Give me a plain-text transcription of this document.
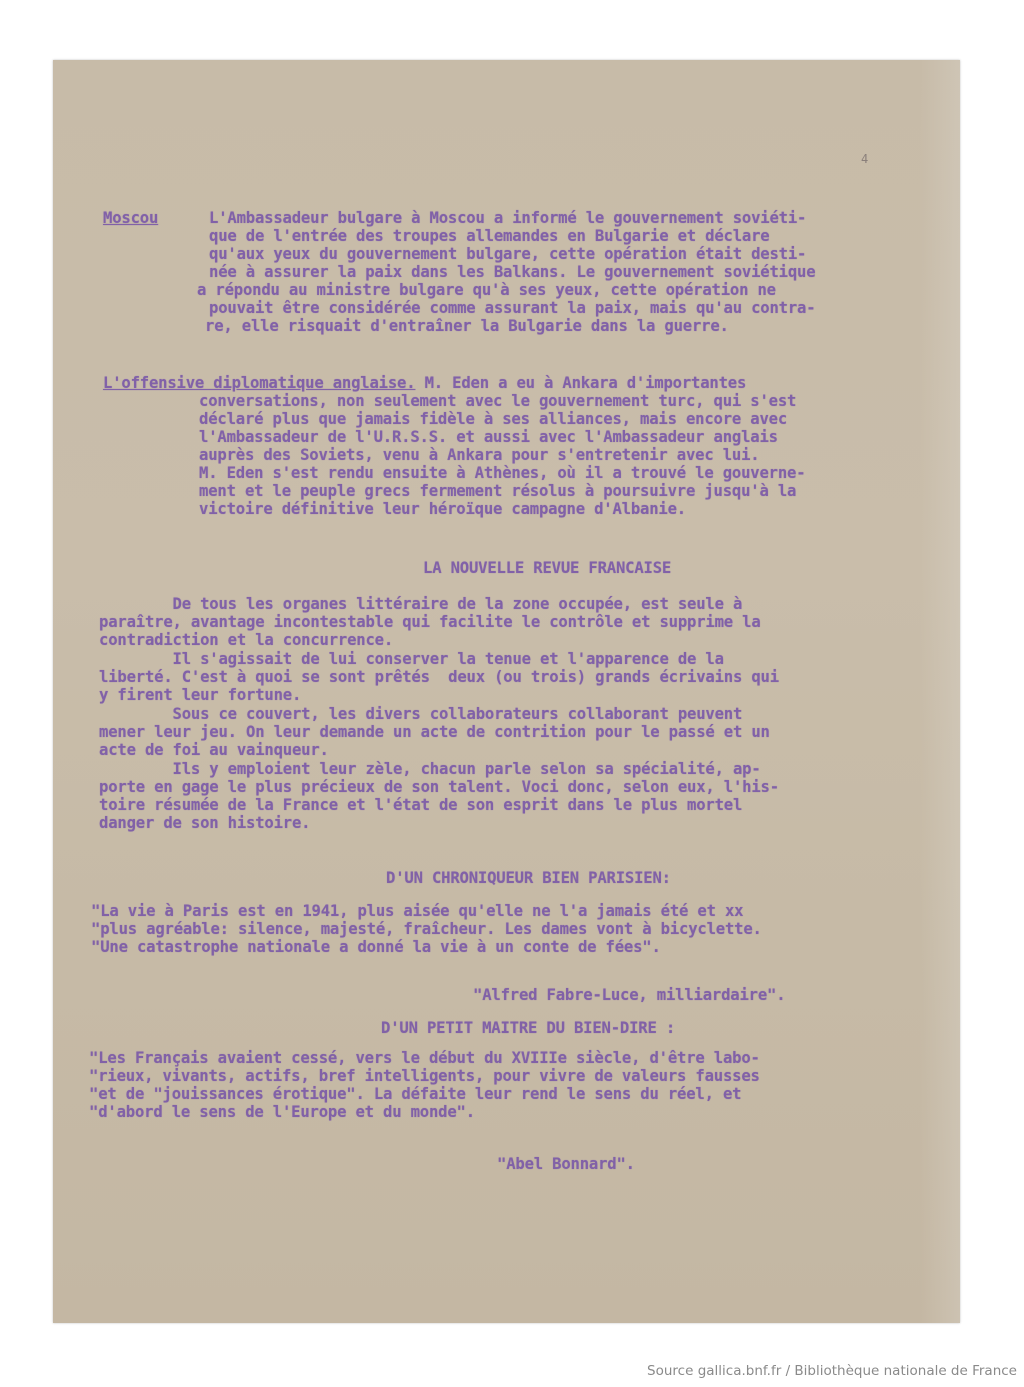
4

Moscou

	L'Ambassadeur bulgare à Moscou a informé le gouvernement soviéti-

que de l'entrée des troupes allemandes en Bulgarie et déclare

qu'aux yeux du gouvernement bulgare, cette opération était desti-

née à assurer la paix dans les Balkans. Le gouvernement soviétique

a répondu au ministre bulgare qu'à ses yeux, cette opération ne

pouvait être considérée comme assurant la paix, mais qu'au contra-

re, elle risquait d'entraîner la Bulgarie dans la guerre.

L'offensive diplomatique anglaise. M. Eden a eu à Ankara d'importantes

conversations, non seulement avec le gouvernement turc, qui s'est

déclaré plus que jamais fidèle à ses alliances, mais encore avec

l'Ambassadeur de l'U.R.S.S. et aussi avec l'Ambassadeur anglais

auprès des Soviets, venu à Ankara pour s'entretenir avec lui.

M. Eden s'est rendu ensuite à Athènes, où il a trouvé le gouverne-

ment et le peuple grecs fermement résolus à poursuivre jusqu'à la

victoire définitive leur héroïque campagne d'Albanie.

LA NOUVELLE REVUE FRANCAISE

De tous les organes littéraire de la zone occupée, est seule à

paraître, avantage incontestable qui facilite le contrôle et supprime la

contradiction et la concurrence.

Il s'agissait de lui conserver la tenue et l'apparence de la

liberté. C'est à quoi se sont prêtés  deux (ou trois) grands écrivains qui

y firent leur fortune.

Sous ce couvert, les divers collaborateurs collaborant peuvent

mener leur jeu. On leur demande un acte de contrition pour le passé et un

acte de foi au vainqueur.

Ils y emploient leur zèle, chacun parle selon sa spécialité, ap-

porte en gage le plus précieux de son talent. Voci donc, selon eux, l'his-

toire résumée de la France et l'état de son esprit dans le plus mortel

danger de son histoire.

D'UN CHRONIQUEUR BIEN PARISIEN:

"La vie à Paris est en 1941, plus aisée qu'elle ne l'a jamais été et xx

"plus agréable: silence, majesté, fraîcheur. Les dames vont à bicyclette.

"Une catastrophe nationale a donné la vie à un conte de fées".

"Alfred Fabre-Luce, milliardaire".

D'UN PETIT MAITRE DU BIEN-DIRE :

"Les Français avaient cessé, vers le début du XVIIIe siècle, d'être labo-

"rieux, vivants, actifs, bref intelligents, pour vivre de valeurs fausses

"et de "jouissances érotique". La défaite leur rend le sens du réel, et

"d'abord le sens de l'Europe et du monde".

"Abel Bonnard".

Source gallica.bnf.fr / Bibliothèque nationale de France
